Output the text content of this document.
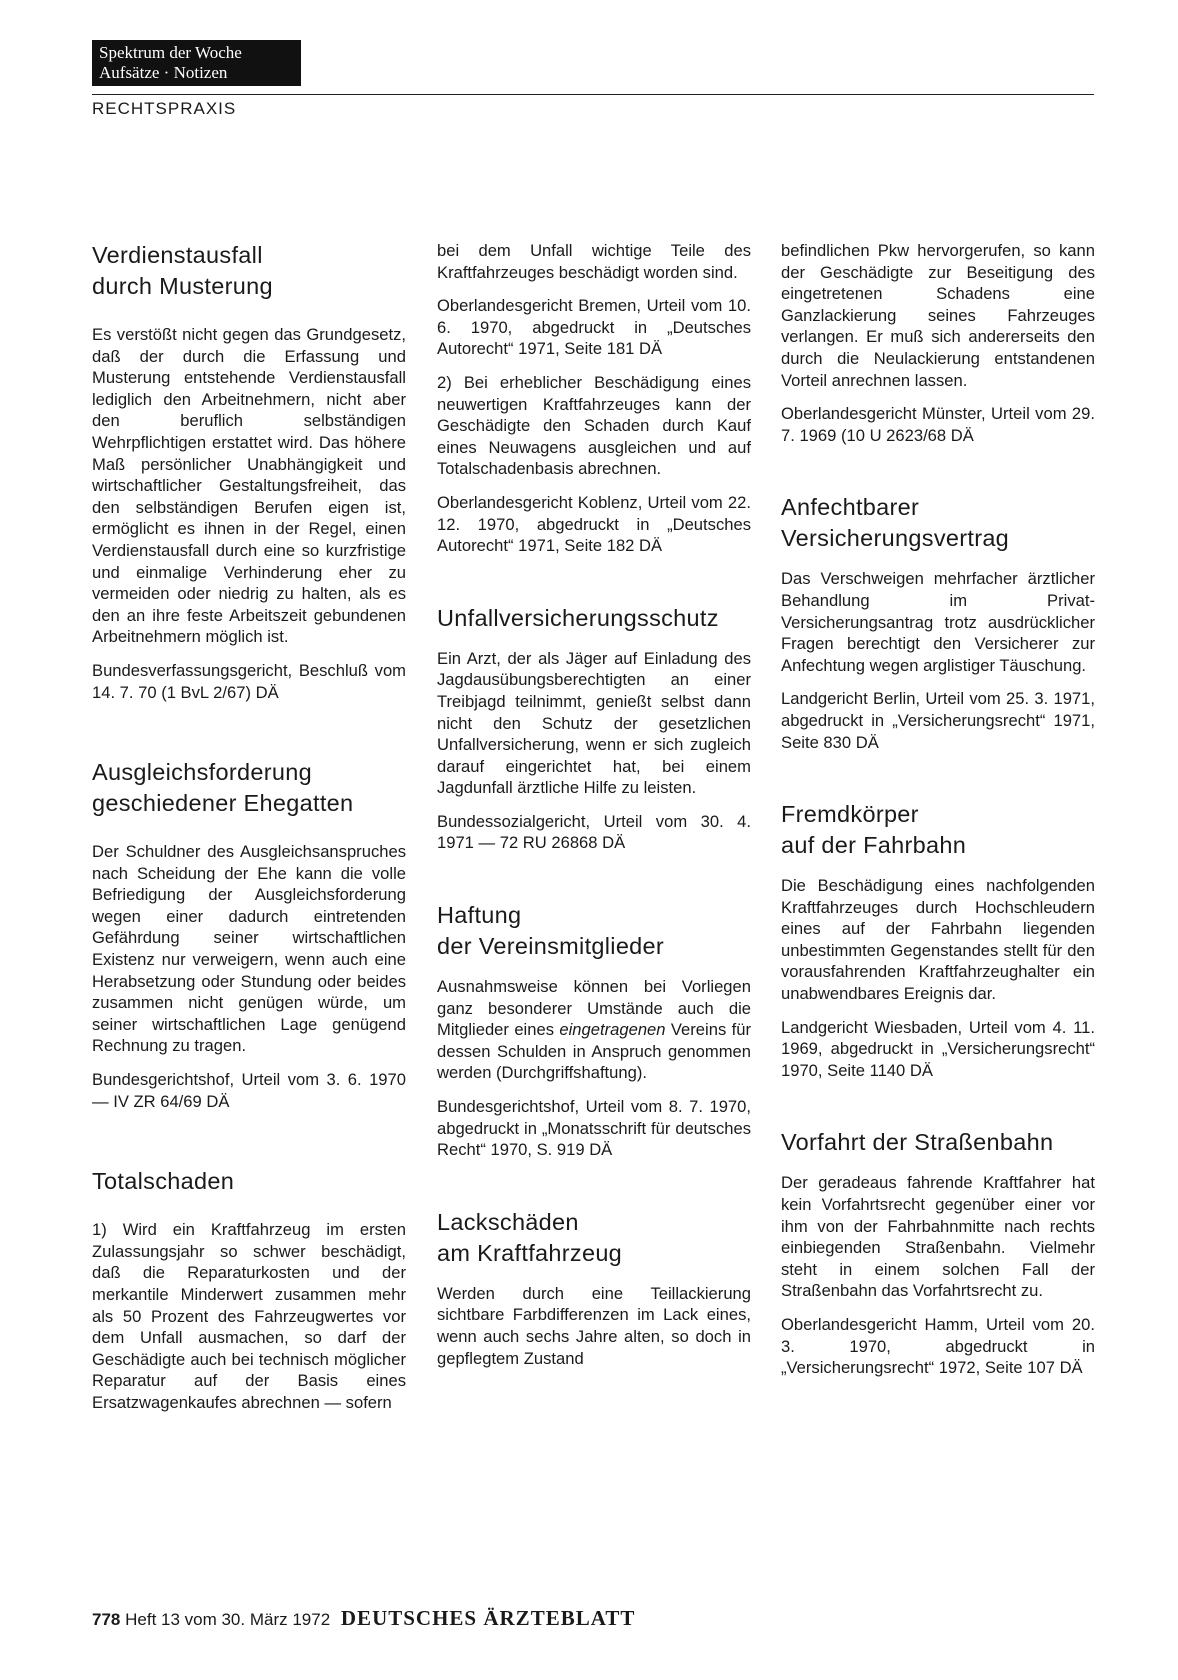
Spektrum der Woche
Aufsätze · Notizen
RECHTSPRAXIS
Verdienstausfall
durch Musterung

Es verstößt nicht gegen das Grundgesetz, daß der durch die Erfassung und Musterung entstehende Verdienstausfall lediglich den Arbeitnehmern, nicht aber den beruflich selbständigen Wehrpflichtigen erstattet wird. Das höhere Maß persönlicher Unabhängigkeit und wirtschaftlicher Gestaltungsfreiheit, das den selbständigen Berufen eigen ist, ermöglicht es ihnen in der Regel, einen Verdienstausfall durch eine so kurzfristige und einmalige Verhinderung eher zu vermeiden oder niedrig zu halten, als es den an ihre feste Arbeitszeit gebundenen Arbeitnehmern möglich ist.

Bundesverfassungsgericht, Beschluß vom 14. 7. 70 (1 BvL 2/67) DÄ

Ausgleichsforderung
geschiedener Ehegatten

Der Schuldner des Ausgleichsanspruches nach Scheidung der Ehe kann die volle Befriedigung der Ausgleichsforderung wegen einer dadurch eintretenden Gefährdung seiner wirtschaftlichen Existenz nur verweigern, wenn auch eine Herabsetzung oder Stundung oder beides zusammen nicht genügen würde, um seiner wirtschaftlichen Lage genügend Rechnung zu tragen.

Bundesgerichtshof, Urteil vom 3. 6. 1970 — IV ZR 64/69 DÄ

Totalschaden

1) Wird ein Kraftfahrzeug im ersten Zulassungsjahr so schwer beschädigt, daß die Reparaturkosten und der merkantile Minderwert zusammen mehr als 50 Prozent des Fahrzeugwertes vor dem Unfall ausmachen, so darf der Geschädigte auch bei technisch möglicher Reparatur auf der Basis eines Ersatzwagenkaufes abrechnen — sofern

bei dem Unfall wichtige Teile des Kraftfahrzeuges beschädigt worden sind.

Oberlandesgericht Bremen, Urteil vom 10. 6. 1970, abgedruckt in „Deutsches Autorecht“ 1971, Seite 181 DÄ

2) Bei erheblicher Beschädigung eines neuwertigen Kraftfahrzeuges kann der Geschädigte den Schaden durch Kauf eines Neuwagens ausgleichen und auf Totalschadenbasis abrechnen.

Oberlandesgericht Koblenz, Urteil vom 22. 12. 1970, abgedruckt in „Deutsches Autorecht“ 1971, Seite 182 DÄ

Unfallversicherungsschutz

Ein Arzt, der als Jäger auf Einladung des Jagdausübungsberechtigten an einer Treibjagd teilnimmt, genießt selbst dann nicht den Schutz der gesetzlichen Unfallversicherung, wenn er sich zugleich darauf eingerichtet hat, bei einem Jagdunfall ärztliche Hilfe zu leisten.

Bundessozialgericht, Urteil vom 30. 4. 1971 — 72 RU 26868 DÄ

Haftung
der Vereinsmitglieder

Ausnahmsweise können bei Vorliegen ganz besonderer Umstände auch die Mitglieder eines eingetragenen Vereins für dessen Schulden in Anspruch genommen werden (Durchgriffshaftung).

Bundesgerichtshof, Urteil vom 8. 7. 1970, abgedruckt in „Monatsschrift für deutsches Recht“ 1970, S. 919 DÄ

Lackschäden
am Kraftfahrzeug

Werden durch eine Teillackierung sichtbare Farbdifferenzen im Lack eines, wenn auch sechs Jahre alten, so doch in gepflegtem Zustand

befindlichen Pkw hervorgerufen, so kann der Geschädigte zur Beseitigung des eingetretenen Schadens eine Ganzlackierung seines Fahrzeuges verlangen. Er muß sich andererseits den durch die Neulackierung entstandenen Vorteil anrechnen lassen.

Oberlandesgericht Münster, Urteil vom 29. 7. 1969 (10 U 2623/68 DÄ

Anfechtbarer
Versicherungsvertrag

Das Verschweigen mehrfacher ärztlicher Behandlung im Privat-Versicherungsantrag trotz ausdrücklicher Fragen berechtigt den Versicherer zur Anfechtung wegen arglistiger Täuschung.

Landgericht Berlin, Urteil vom 25. 3. 1971, abgedruckt in „Versicherungsrecht“ 1971, Seite 830 DÄ

Fremdkörper
auf der Fahrbahn

Die Beschädigung eines nachfolgenden Kraftfahrzeuges durch Hochschleudern eines auf der Fahrbahn liegenden unbestimmten Gegenstandes stellt für den vorausfahrenden Kraftfahrzeughalter ein unabwendbares Ereignis dar.

Landgericht Wiesbaden, Urteil vom 4. 11. 1969, abgedruckt in „Versicherungsrecht“ 1970, Seite 1140 DÄ

Vorfahrt der Straßenbahn

Der geradeaus fahrende Kraftfahrer hat kein Vorfahrtsrecht gegenüber einer vor ihm von der Fahrbahnmitte nach rechts einbiegenden Straßenbahn. Vielmehr steht in einem solchen Fall der Straßenbahn das Vorfahrtsrecht zu.

Oberlandesgericht Hamm, Urteil vom 20. 3. 1970, abgedruckt in „Versicherungsrecht“ 1972, Seite 107 DÄ

778 Heft 13 vom 30. März 1972 DEUTSCHES ÄRZTEBLATT
